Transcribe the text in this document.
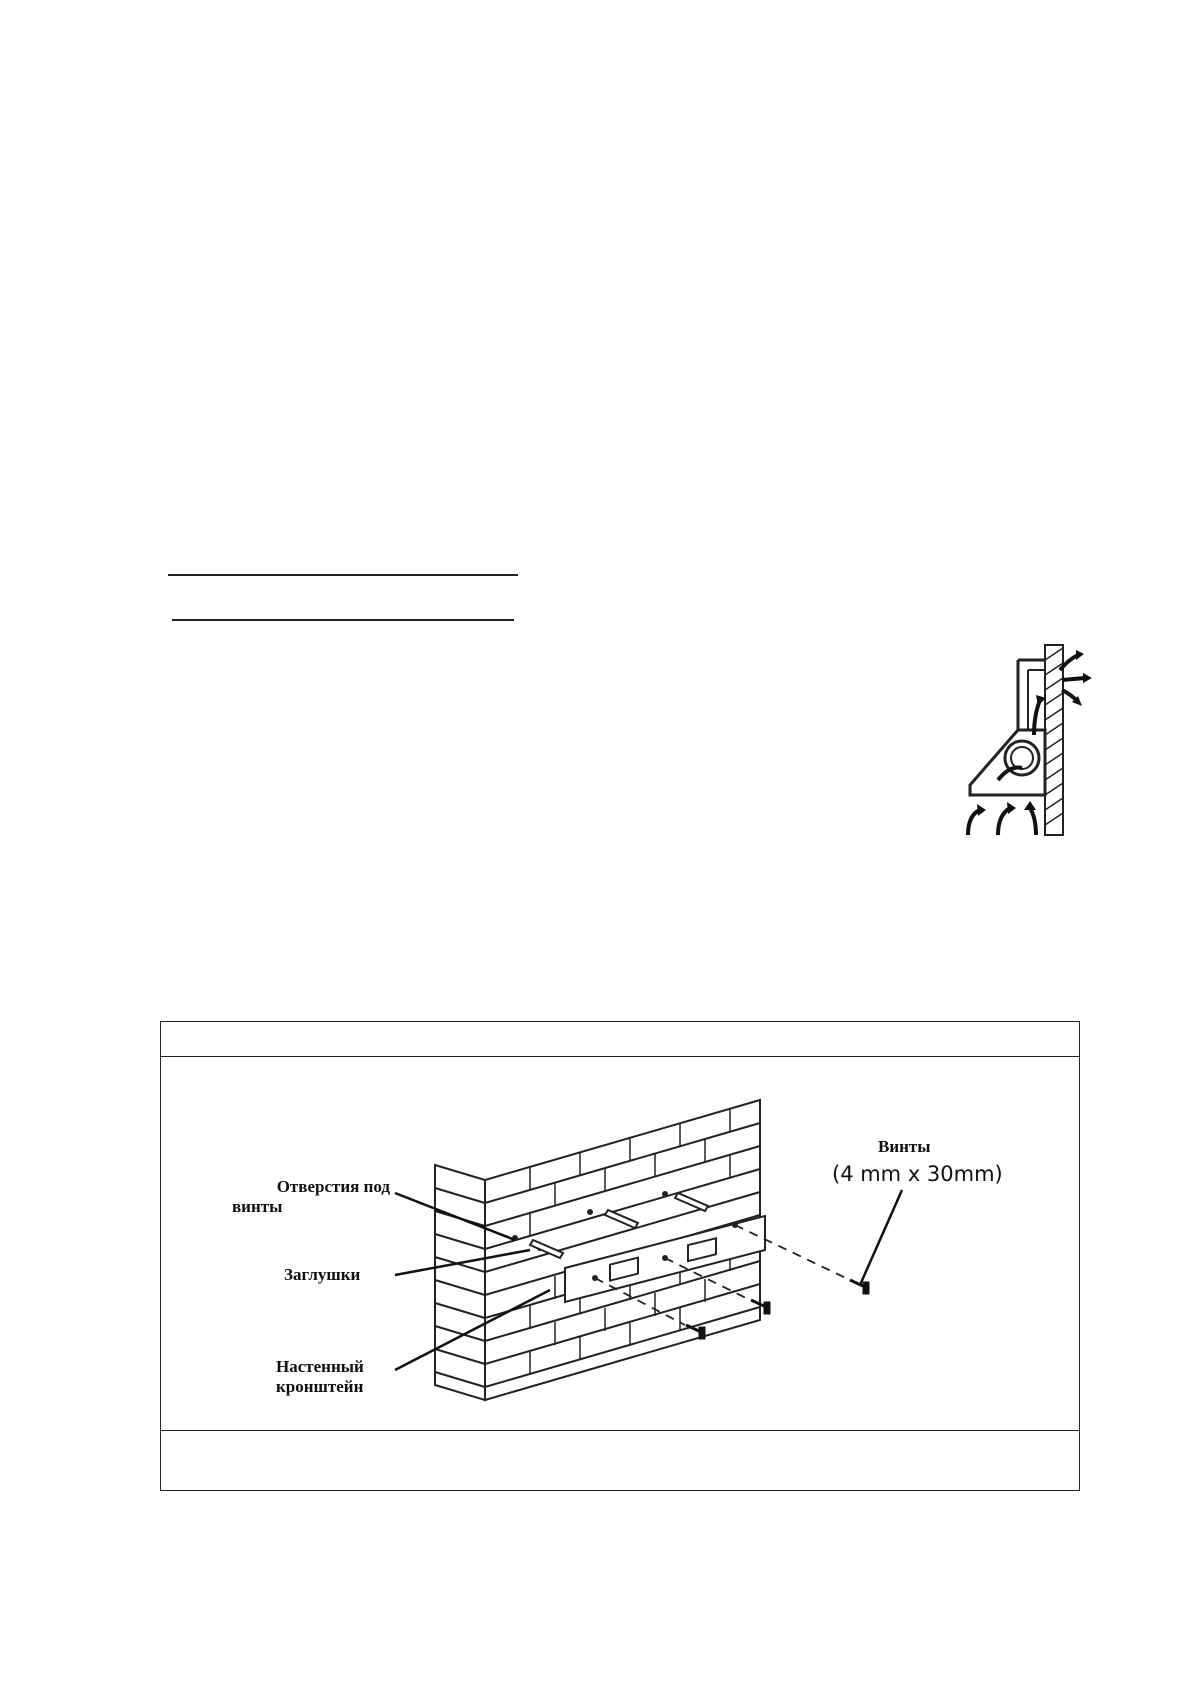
Отверстия под
винты
Заглушки
Настенный
кронштейн
Винты
(4 mm x 30mm)
